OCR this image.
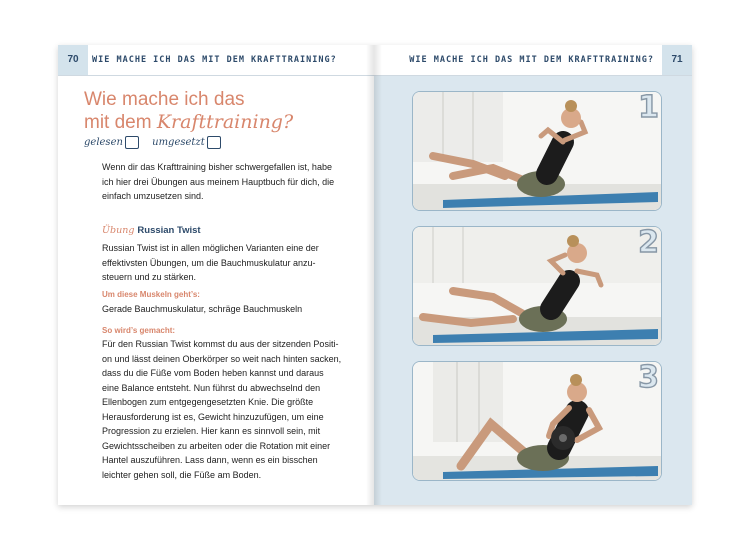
70	WIE MACHE ICH DAS MIT DEM KRAFTTRAINING?
Wie mache ich das
mit dem Krafttraining?
gelesen	umgesetzt
Wenn dir das Krafttraining bisher schwergefallen ist, habe ich hier drei Übungen aus meinem Hauptbuch für dich, die einfach umzusetzen sind.
Übung Russian Twist
Russian Twist ist in allen möglichen Varianten eine der effektivsten Übungen, um die Bauchmuskulatur anzu-steuern und zu stärken.
Um diese Muskeln geht’s:
Gerade Bauchmuskulatur, schräge Bauchmuskeln
So wird’s gemacht:
Für den Russian Twist kommst du aus der sitzenden Positi-on und lässt deinen Oberkörper so weit nach hinten sacken, dass du die Füße vom Boden heben kannst und daraus eine Balance entsteht. Nun führst du abwechselnd den Ellenbogen zum entgegengesetzten Knie. Die größte Herausforderung ist es, Gewicht hinzuzufügen, um eine Progression zu erzielen. Hier kann es sinnvoll sein, mit Gewichtsscheiben zu arbeiten oder die Rotation mit einer Hantel auszuführen. Lass dann, wenn es ein bisschen leichter gehen soll, die Füße am Boden.
WIE MACHE ICH DAS MIT DEM KRAFTTRAINING?	71
1
2
3
